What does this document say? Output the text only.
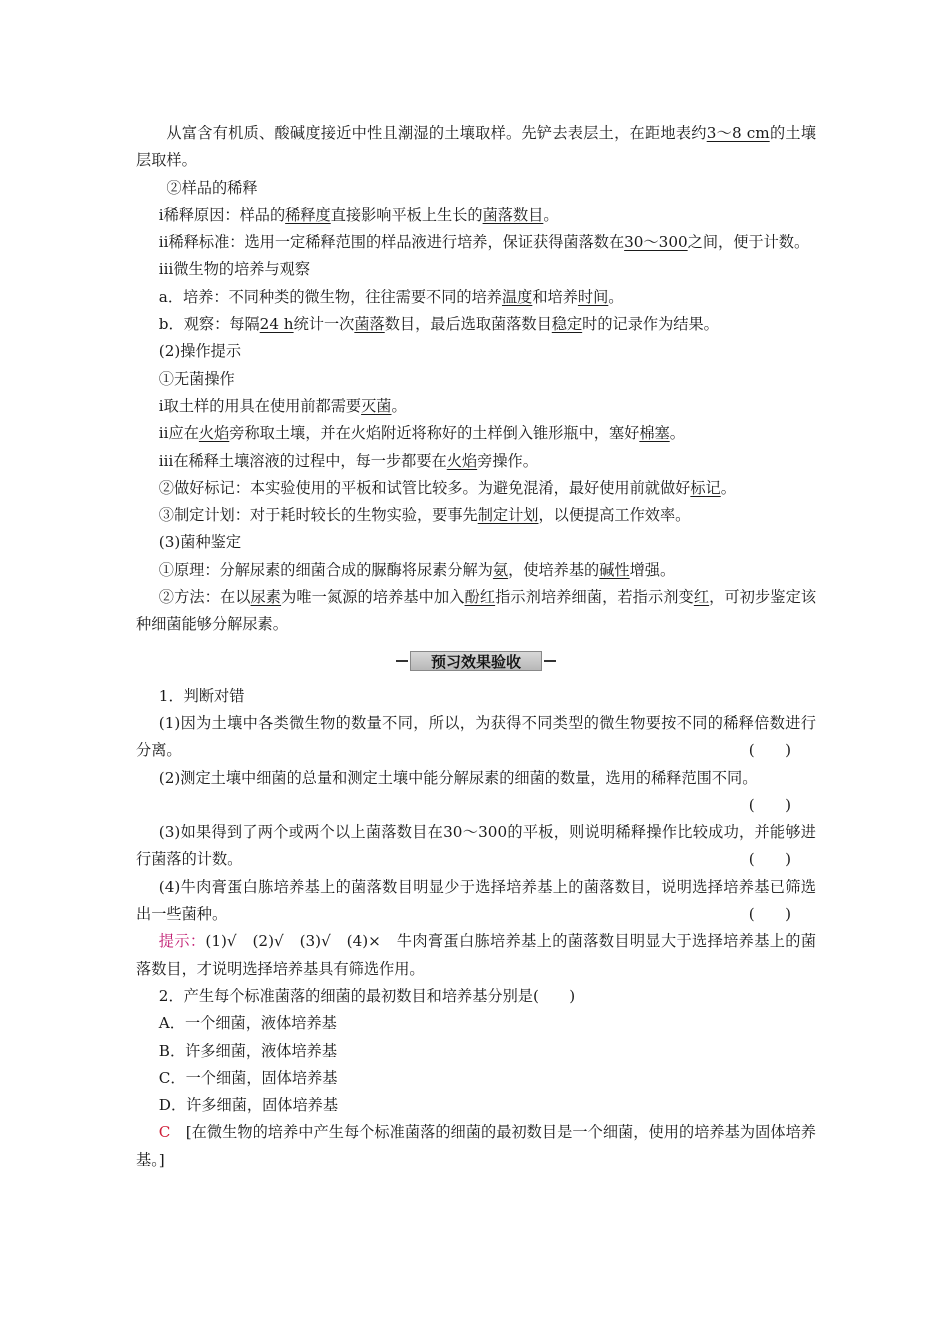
从富含有机质、酸碱度接近中性且潮湿的土壤取样。先铲去表层土，在距地表约3～8 cm的土壤层取样。

②样品的稀释

ⅰ稀释原因：样品的稀释度直接影响平板上生长的菌落数目。

ⅱ稀释标准：选用一定稀释范围的样品液进行培养，保证获得菌落数在30～300之间，便于计数。

ⅲ微生物的培养与观察

a．培养：不同种类的微生物，往往需要不同的培养温度和培养时间。

b．观察：每隔24 h统计一次菌落数目，最后选取菌落数目稳定时的记录作为结果。

(2)操作提示

①无菌操作

ⅰ取土样的用具在使用前都需要灭菌。

ⅱ应在火焰旁称取土壤，并在火焰附近将称好的土样倒入锥形瓶中，塞好棉塞。

ⅲ在稀释土壤溶液的过程中，每一步都要在火焰旁操作。

②做好标记：本实验使用的平板和试管比较多。为避免混淆，最好使用前就做好标记。

③制定计划：对于耗时较长的生物实验，要事先制定计划，以便提高工作效率。

(3)菌种鉴定

①原理：分解尿素的细菌合成的脲酶将尿素分解为氨，使培养基的碱性增强。

②方法：在以尿素为唯一氮源的培养基中加入酚红指示剂培养细菌，若指示剂变红，可初步鉴定该种细菌能够分解尿素。

预习效果验收

1．判断对错

(1)因为土壤中各类微生物的数量不同，所以，为获得不同类型的微生物要按不同的稀释倍数进行分离。	(　　)

(2)测定土壤中细菌的总量和测定土壤中能分解尿素的细菌的数量，选用的稀释范围不同。
(　　)

(3)如果得到了两个或两个以上菌落数目在30～300的平板，则说明稀释操作比较成功，并能够进行菌落的计数。	(　　)

(4)牛肉膏蛋白胨培养基上的菌落数目明显少于选择培养基上的菌落数目，说明选择培养基已筛选出一些菌种。	(　　)

提示：(1)√　(2)√　(3)√　(4)×　牛肉膏蛋白胨培养基上的菌落数目明显大于选择培养基上的菌落数目，才说明选择培养基具有筛选作用。

2．产生每个标准菌落的细菌的最初数目和培养基分别是(　　)

A．一个细菌，液体培养基

B．许多细菌，液体培养基

C．一个细菌，固体培养基

D．许多细菌，固体培养基

C　[在微生物的培养中产生每个标准菌落的细菌的最初数目是一个细菌，使用的培养基为固体培养基。]
